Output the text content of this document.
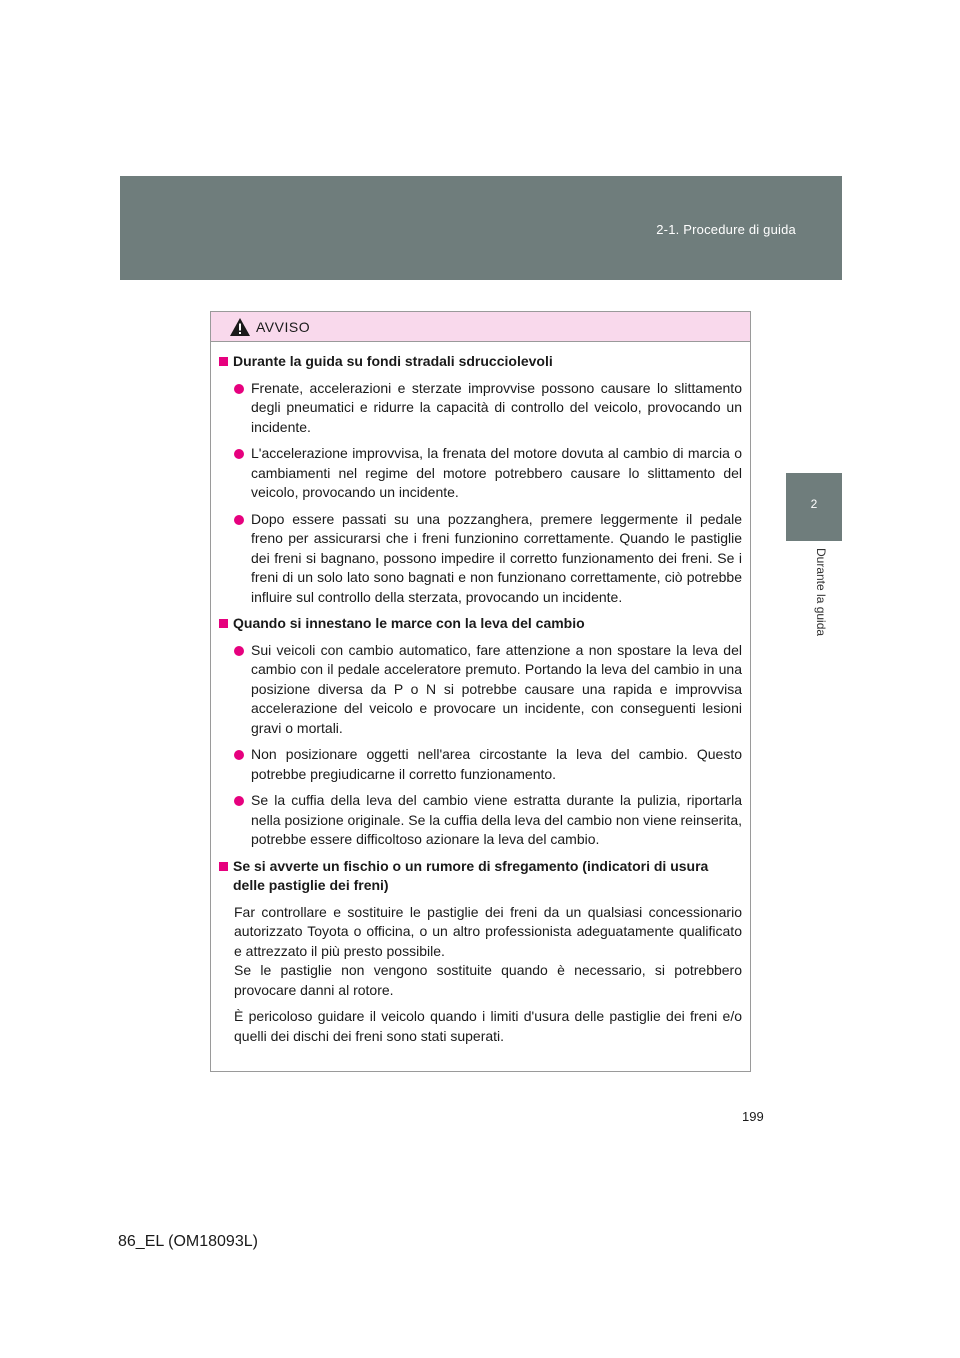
2-1. Procedure di guida
2
Durante la guida
AVVISO
Durante la guida su fondi stradali sdrucciolevoli
Frenate, accelerazioni e sterzate improvvise possono causare lo slittamento degli pneumatici e ridurre la capacità di controllo del veicolo, provocando un incidente.
L'accelerazione improvvisa, la frenata del motore dovuta al cambio di marcia o cambiamenti nel regime del motore potrebbero causare lo slittamento del veicolo, provocando un incidente.
Dopo essere passati su una pozzanghera, premere leggermente il pedale freno per assicurarsi che i freni funzionino correttamente. Quando le pastiglie dei freni si bagnano, possono impedire il corretto funzionamento dei freni. Se i freni di un solo lato sono bagnati e non funzionano correttamente, ciò potrebbe influire sul controllo della sterzata, provocando un incidente.
Quando si innestano le marce con la leva del cambio
Sui veicoli con cambio automatico, fare attenzione a non spostare la leva del cambio con il pedale acceleratore premuto. Portando la leva del cambio in una posizione diversa da P o N si potrebbe causare una rapida e improvvisa accelerazione del veicolo e provocare un incidente, con conseguenti lesioni gravi o mortali.
Non posizionare oggetti nell'area circostante la leva del cambio. Questo potrebbe pregiudicarne il corretto funzionamento.
Se la cuffia della leva del cambio viene estratta durante la pulizia, riportarla nella posizione originale. Se la cuffia della leva del cambio non viene reinserita, potrebbe essere difficoltoso azionare la leva del cambio.
Se si avverte un fischio o un rumore di sfregamento (indicatori di usura delle pastiglie dei freni)
Far controllare e sostituire le pastiglie dei freni da un qualsiasi concessionario autorizzato Toyota o officina, o un altro professionista adeguatamente qualificato e attrezzato il più presto possibile.
Se le pastiglie non vengono sostituite quando è necessario, si potrebbero provocare danni al rotore.
È pericoloso guidare il veicolo quando i limiti d'usura delle pastiglie dei freni e/o quelli dei dischi dei freni sono stati superati.
199
86_EL (OM18093L)
